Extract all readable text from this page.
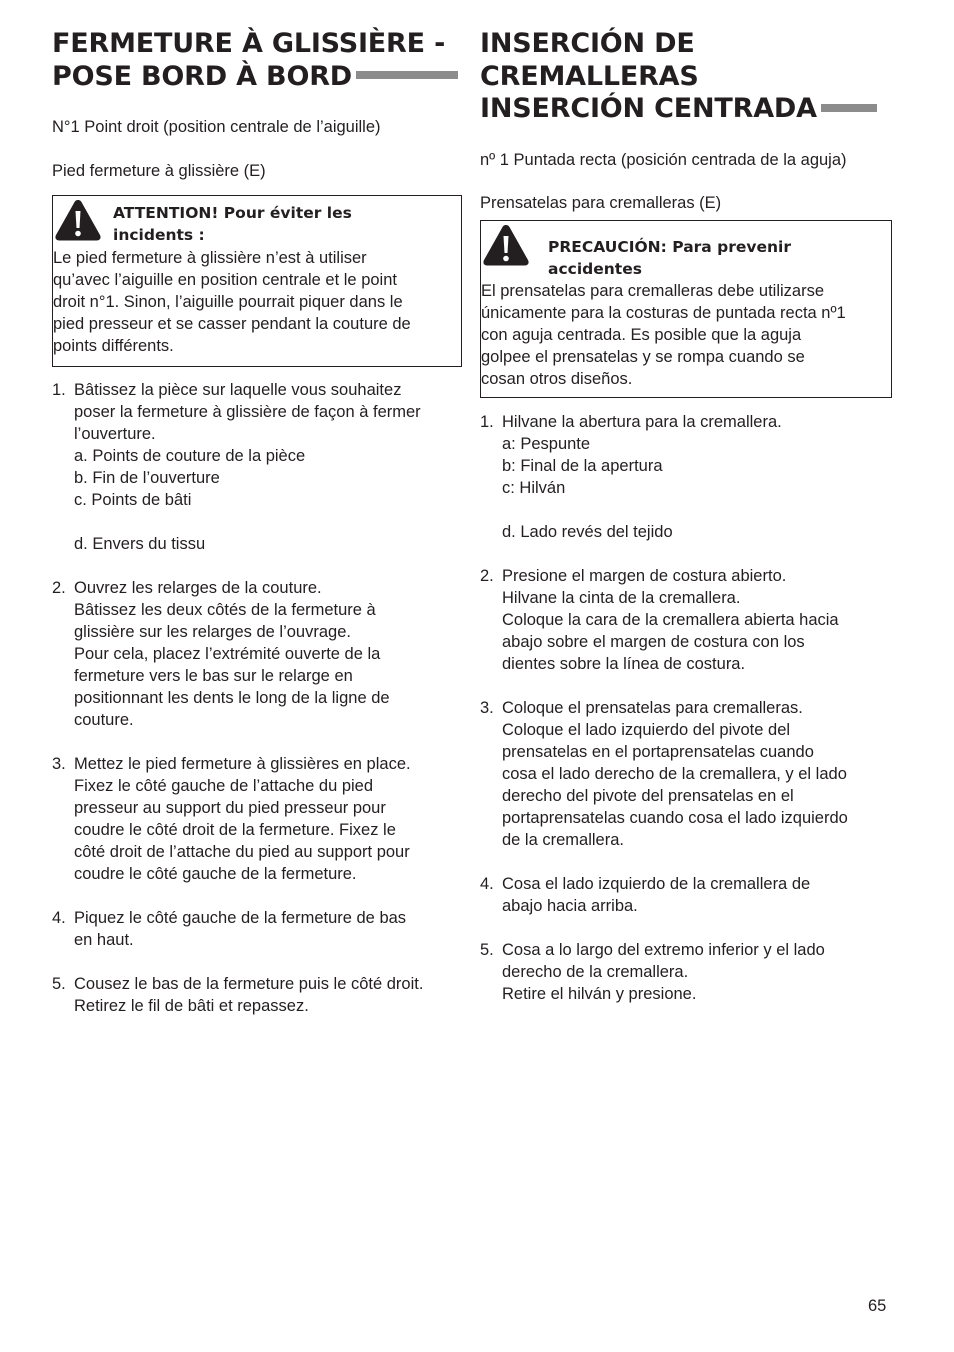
FERMETURE À GLISSIÈRE -
POSE BORD À BORD

N°1 Point droit (position centrale de l’aiguille)

Pied fermeture à glissière (E)

ATTENTION! Pour éviter les
incidents :
Le pied fermeture à glissière n’est à utiliser
qu’avec l’aiguille en position centrale et le point
droit n°1. Sinon, l’aiguille pourrait piquer dans le
pied presseur et se casser pendant la couture de
points différents.
1. Bâtissez la pièce sur laquelle vous souhaitez
poser la fermeture à glissière de façon à fermer
l’ouverture.
a. Points de couture de la pièce
b. Fin de l’ouverture
c. Points de bâti
d. Envers du tissu
2. Ouvrez les relarges de la couture.
Bâtissez les deux côtés de la fermeture à
glissière sur les relarges de l’ouvrage.
Pour cela, placez l’extrémité ouverte de la
fermeture vers le bas sur le relarge en
positionnant les dents le long de la ligne de
couture.
3. Mettez le pied fermeture à glissières en place.
Fixez le côté gauche de l’attache du pied
presseur au support du pied presseur pour
coudre le côté droit de la fermeture. Fixez le
côté droit de l’attache du pied au support pour
coudre le côté gauche de la fermeture.
4. Piquez le côté gauche de la fermeture de bas
en haut.
5. Cousez le bas de la fermeture puis le côté droit.
Retirez le fil de bâti et repassez.
INSERCIÓN DE
CREMALLERAS
INSERCIÓN CENTRADA

nº 1 Puntada recta (posición centrada de la aguja)

Prensatelas para cremalleras (E)

PRECAUCIÓN: Para prevenir
accidentes
El prensatelas para cremalleras debe utilizarse
únicamente para la costuras de puntada recta nº1
con aguja centrada. Es posible que la aguja
golpee el prensatelas y se rompa cuando se
cosan otros diseños.
1. Hilvane la abertura para la cremallera.
a: Pespunte
b: Final de la apertura
c: Hilván
d. Lado revés del tejido
2. Presione el margen de costura abierto.
Hilvane la cinta de la cremallera.
Coloque la cara de la cremallera abierta hacia
abajo sobre el margen de costura con los
dientes sobre la línea de costura.
3. Coloque el prensatelas para cremalleras.
Coloque el lado izquierdo del pivote del
prensatelas en el portaprensatelas cuando
cosa el lado derecho de la cremallera, y el lado
derecho del pivote del prensatelas en el
portaprensatelas cuando cosa el lado izquierdo
de la cremallera.
4. Cosa el lado izquierdo de la cremallera de
abajo hacia arriba.
5. Cosa a lo largo del extremo inferior y el lado
derecho de la cremallera.
Retire el hilván y presione.
65
